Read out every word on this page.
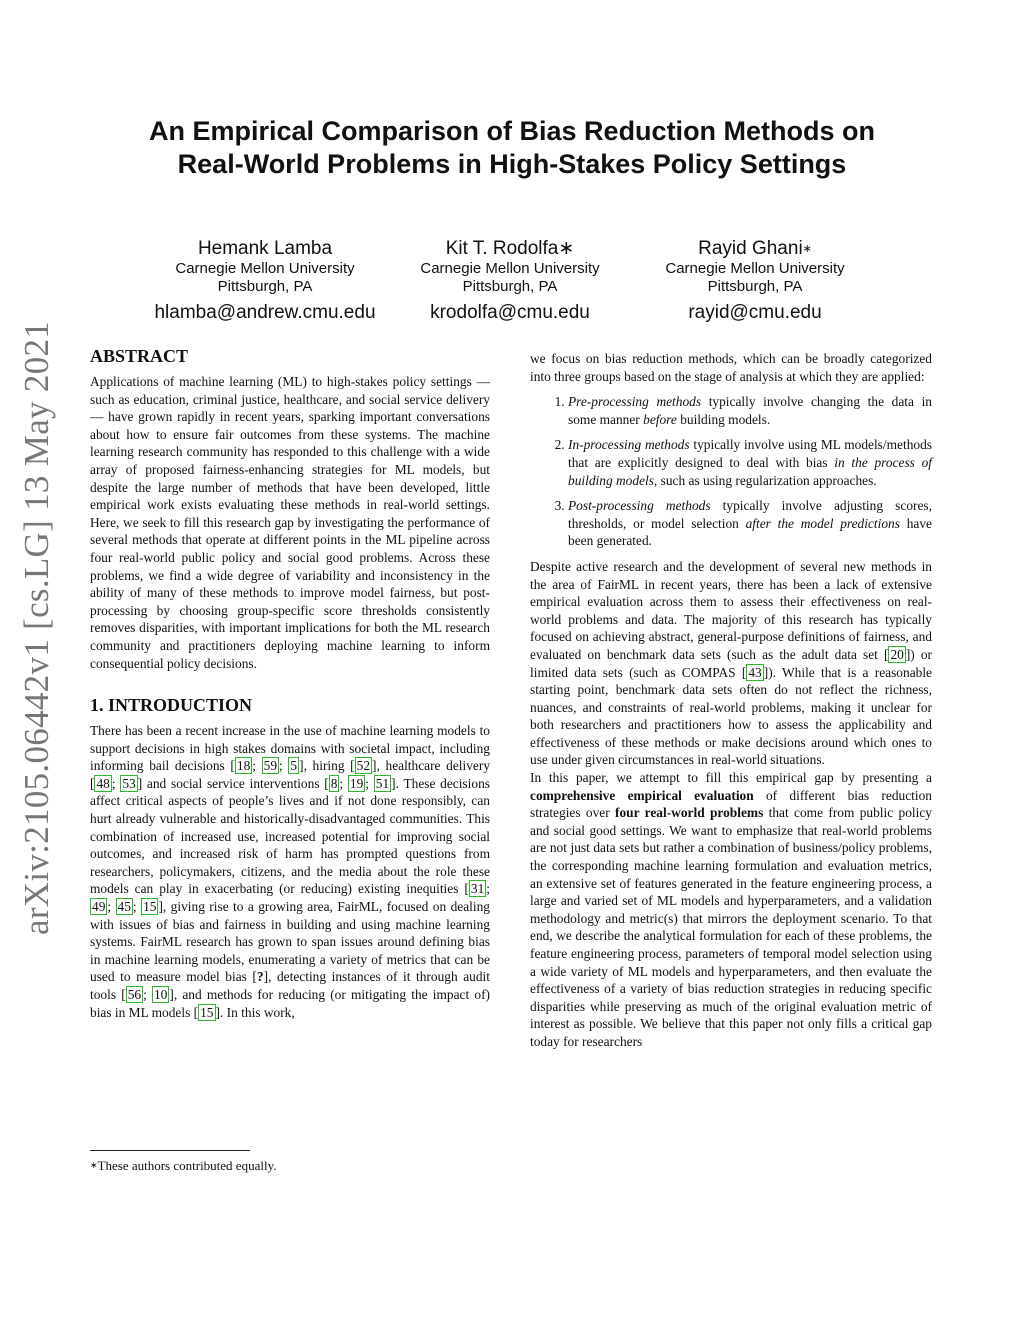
An Empirical Comparison of Bias Reduction Methods on
Real-World Problems in High-Stakes Policy Settings
Hemank Lamba
Carnegie Mellon University
Pittsburgh, PA
hlamba@andrew.cmu.edu
Kit T. Rodolfa∗
Carnegie Mellon University
Pittsburgh, PA
krodolfa@cmu.edu
Rayid Ghani∗
Carnegie Mellon University
Pittsburgh, PA
rayid@cmu.edu
arXiv:2105.06442v1 [cs.LG] 13 May 2021 ABSTRACT

Applications of machine learning (ML) to high-stakes policy settings — such as education, criminal justice, healthcare, and social service delivery — have grown rapidly in recent years, sparking important conversations about how to ensure fair outcomes from these systems. The machine learning research community has responded to this challenge with a wide array of proposed fairness-enhancing strategies for ML models, but despite the large number of methods that have been developed, little empirical work exists evaluating these methods in real-world settings. Here, we seek to fill this research gap by investigating the performance of several methods that operate at different points in the ML pipeline across four real-world public policy and social good problems. Across these problems, we find a wide degree of variability and inconsistency in the ability of many of these methods to improve model fairness, but post-processing by choosing group-specific score thresholds consistently removes disparities, with important implications for both the ML research community and practitioners deploying machine learning to inform consequential policy decisions.

1. INTRODUCTION

There has been a recent increase in the use of machine learning models to support decisions in high stakes domains with societal impact, including informing bail decisions [ 18 ; 59 ; 5 ], hiring [ 52 ], healthcare delivery [ 48 ; 53 ] and social service interventions [ 8 ; 19 ; 51 ]. These decisions affect critical aspects of people’s lives and if not done responsibly, can hurt already vulnerable and historically-disadvantaged communities. This combination of increased use, increased potential for improving social outcomes, and increased risk of harm has prompted questions from researchers, policymakers, citizens, and the media about the role these models can play in exacerbating (or reducing) existing inequities [ 31 ; 49 ; 45 ; 15 ], giving rise to a growing area, FairML, focused on dealing with issues of bias and fairness in building and using machine learning systems. FairML research has grown to span issues around defining bias in machine learning models, enumerating a variety of metrics that can be used to measure model bias [?], detecting instances of it through audit tools [ 56 ; 10 ], and methods for reducing (or mitigating the impact of) bias in ML models [ 15 ]. In this work,

∗These authors contributed equally.

we focus on bias reduction methods, which can be broadly categorized into three groups based on the stage of analysis at which they are applied:

1. Pre-processing methods typically involve changing the data in some manner before building models.
2. In-processing methods typically involve using ML models/methods that are explicitly designed to deal with bias in the process of building models, such as using regularization approaches.
3. Post-processing methods typically involve adjusting scores, thresholds, or model selection after the model predictions have been generated.

Despite active research and the development of several new methods in the area of FairML in recent years, there has been a lack of extensive empirical evaluation across them to assess their effectiveness on real-world problems and data. The majority of this research has typically focused on achieving abstract, general-purpose definitions of fairness, and evaluated on benchmark data sets (such as the adult data set [ 20 ]) or limited data sets (such as COMPAS [ 43 ]). While that is a reasonable starting point, benchmark data sets often do not reflect the richness, nuances, and constraints of real-world problems, making it unclear for both researchers and practitioners how to assess the applicability and effectiveness of these methods or make decisions around which ones to use under given circumstances in real-world situations.

In this paper, we attempt to fill this empirical gap by presenting a comprehensive empirical evaluation of different bias reduction strategies over four real-world problems that come from public policy and social good settings. We want to emphasize that real-world problems are not just data sets but rather a combination of business/policy problems, the corresponding machine learning formulation and evaluation metrics, an extensive set of features generated in the feature engineering process, a large and varied set of ML models and hyperparameters, and a validation methodology and metric(s) that mirrors the deployment scenario. To that end, we describe the analytical formulation for each of these problems, the feature engineering process, parameters of temporal model selection using a wide variety of ML models and hyperparameters, and then evaluate the effectiveness of a variety of bias reduction strategies in reducing specific disparities while preserving as much of the original evaluation metric of interest as possible. We believe that this paper not only fills a critical gap today for researchers
